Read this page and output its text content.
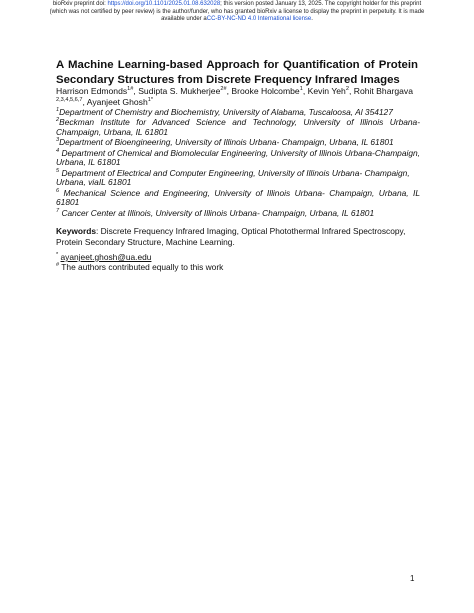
bioRxiv preprint doi: https://doi.org/10.1101/2025.01.08.632028; this version posted January 13, 2025. The copyright holder for this preprint
(which was not certified by peer review) is the author/funder, who has granted bioRxiv a license to display the preprint in perpetuity. It is made
available under aCC-BY-NC-ND 4.0 International license.

A Machine Learning-based Approach for Quantification of Protein Secondary Structures from Discrete Frequency Infrared Images

Harrison Edmonds$^{1\#}$, Sudipta S. Mukherjee$^{2\#}$, Brooke Holcombe$^1$, Kevin Yeh$^2$, Rohit Bhargava $^{2,3,4,5,6,7}$, Ayanjeet Ghosh$^{1*}$

$^1$Department of Chemistry and Biochemistry, University of Alabama, Tuscaloosa, Al 354127

$^2$Beckman Institute for Advanced Science and Technology, University of Illinois Urbana-Champaign, Urbana, IL 61801

$^3$Department of Bioengineering, University of Illinois Urbana- Champaign, Urbana, IL 61801

$^4$ Department of Chemical and Biomolecular Engineering, University of Illinois Urbana-Champaign, Urbana, IL 61801

$^5$ Department of Electrical and Computer Engineering, University of Illinois Urbana- Champaign, Urbana, viaIL 61801

$^6$ Mechanical Science and Engineering, University of Illinois Urbana- Champaign, Urbana, IL 61801

$^7$ Cancer Center at Illinois, University of Illinois Urbana- Champaign, Urbana, IL 61801

Keywords: Discrete Frequency Infrared Imaging, Optical Photothermal Infrared Spectroscopy, Protein Secondary Structure, Machine Learning.

* ayanjeet.ghosh@ua.edu
# The authors contributed equally to this work
1
